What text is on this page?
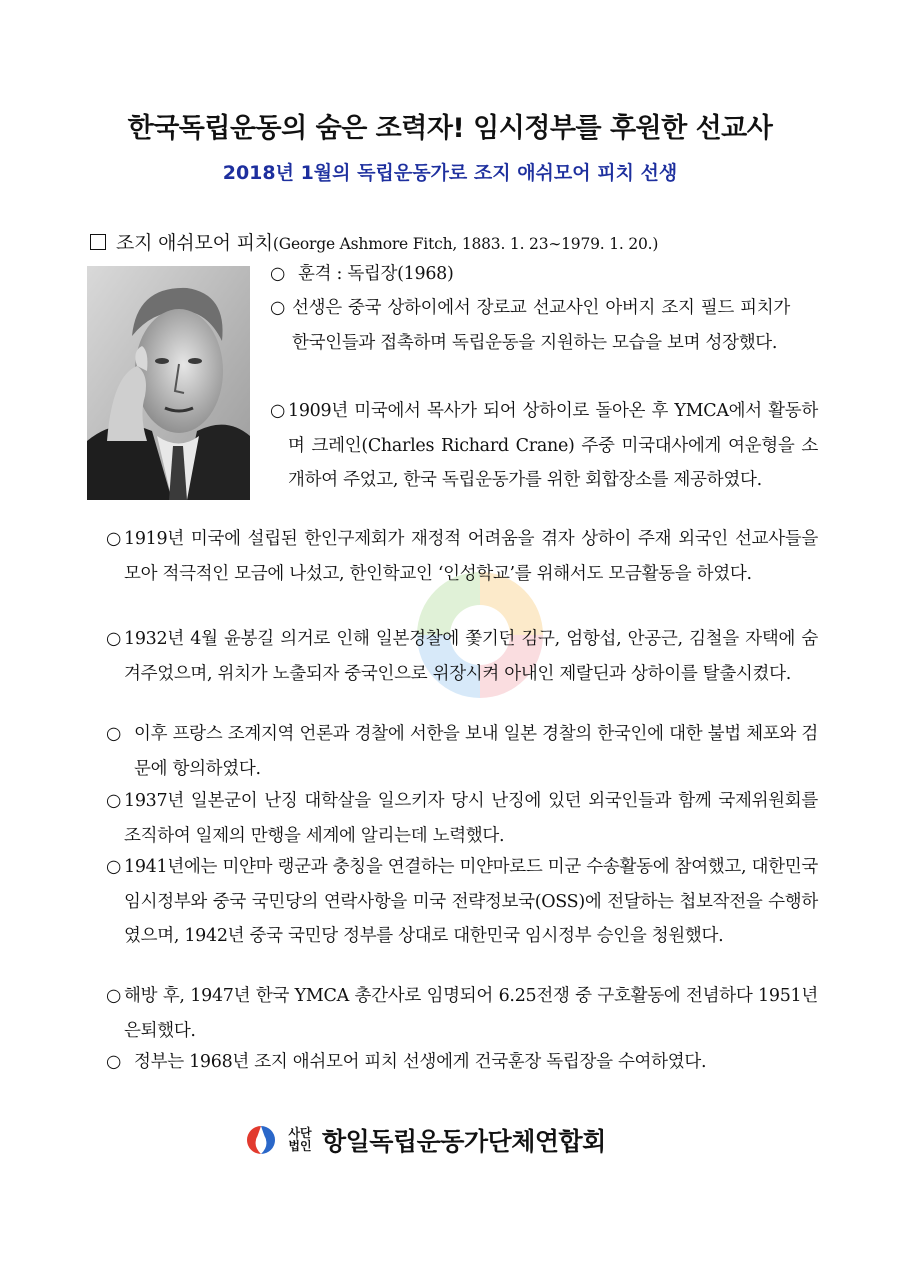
한국독립운동의 숨은 조력자! 임시정부를 후원한 선교사
2018년 1월의 독립운동가로 조지 애쉬모어 피치 선생
조지 애쉬모어 피치(George Ashmore Fitch, 1883. 1. 23∼1979. 1. 20.)
○ 훈격 : 독립장(1968)
○ 선생은 중국 상하이에서 장로교 선교사인 아버지 조지 필드 피치가 한국인들과 접촉하며 독립운동을 지원하는 모습을 보며 성장했다.
○ 1909년 미국에서 목사가 되어 상하이로 돌아온 후 YMCA에서 활동하며 크레인(Charles Richard Crane) 주중 미국대사에게 여운형을 소개하여 주었고, 한국 독립운동가를 위한 회합장소를 제공하였다.
○ 1919년 미국에 설립된 한인구제회가 재정적 어려움을 겪자 상하이 주재 외국인 선교사들을 모아 적극적인 모금에 나섰고, 한인학교인 ‘인성학교’를 위해서도 모금활동을 하였다.
○ 1932년 4월 윤봉길 의거로 인해 일본경찰에 쫓기던 김구, 엄항섭, 안공근, 김철을 자택에 숨겨주었으며, 위치가 노출되자 중국인으로 위장시켜 아내인 제랄딘과 상하이를 탈출시켰다.
○ 이후 프랑스 조계지역 언론과 경찰에 서한을 보내 일본 경찰의 한국인에 대한 불법 체포와 검문에 항의하였다.
○ 1937년 일본군이 난징 대학살을 일으키자 당시 난징에 있던 외국인들과 함께 국제위원회를 조직하여 일제의 만행을 세계에 알리는데 노력했다.
○ 1941년에는 미얀마 랭군과 충칭을 연결하는 미얀마로드 미군 수송활동에 참여했고, 대한민국임시정부와 중국 국민당의 연락사항을 미국 전략정보국(OSS)에 전달하는 첩보작전을 수행하였으며, 1942년 중국 국민당 정부를 상대로 대한민국 임시정부 승인을 청원했다.
○ 해방 후, 1947년 한국 YMCA 총간사로 임명되어 6.25전쟁 중 구호활동에 전념하다 1951년 은퇴했다.
○ 정부는 1968년 조지 애쉬모어 피치 선생에게 건국훈장 독립장을 수여하였다.
사단
법인 항일독립운동가단체연합회
